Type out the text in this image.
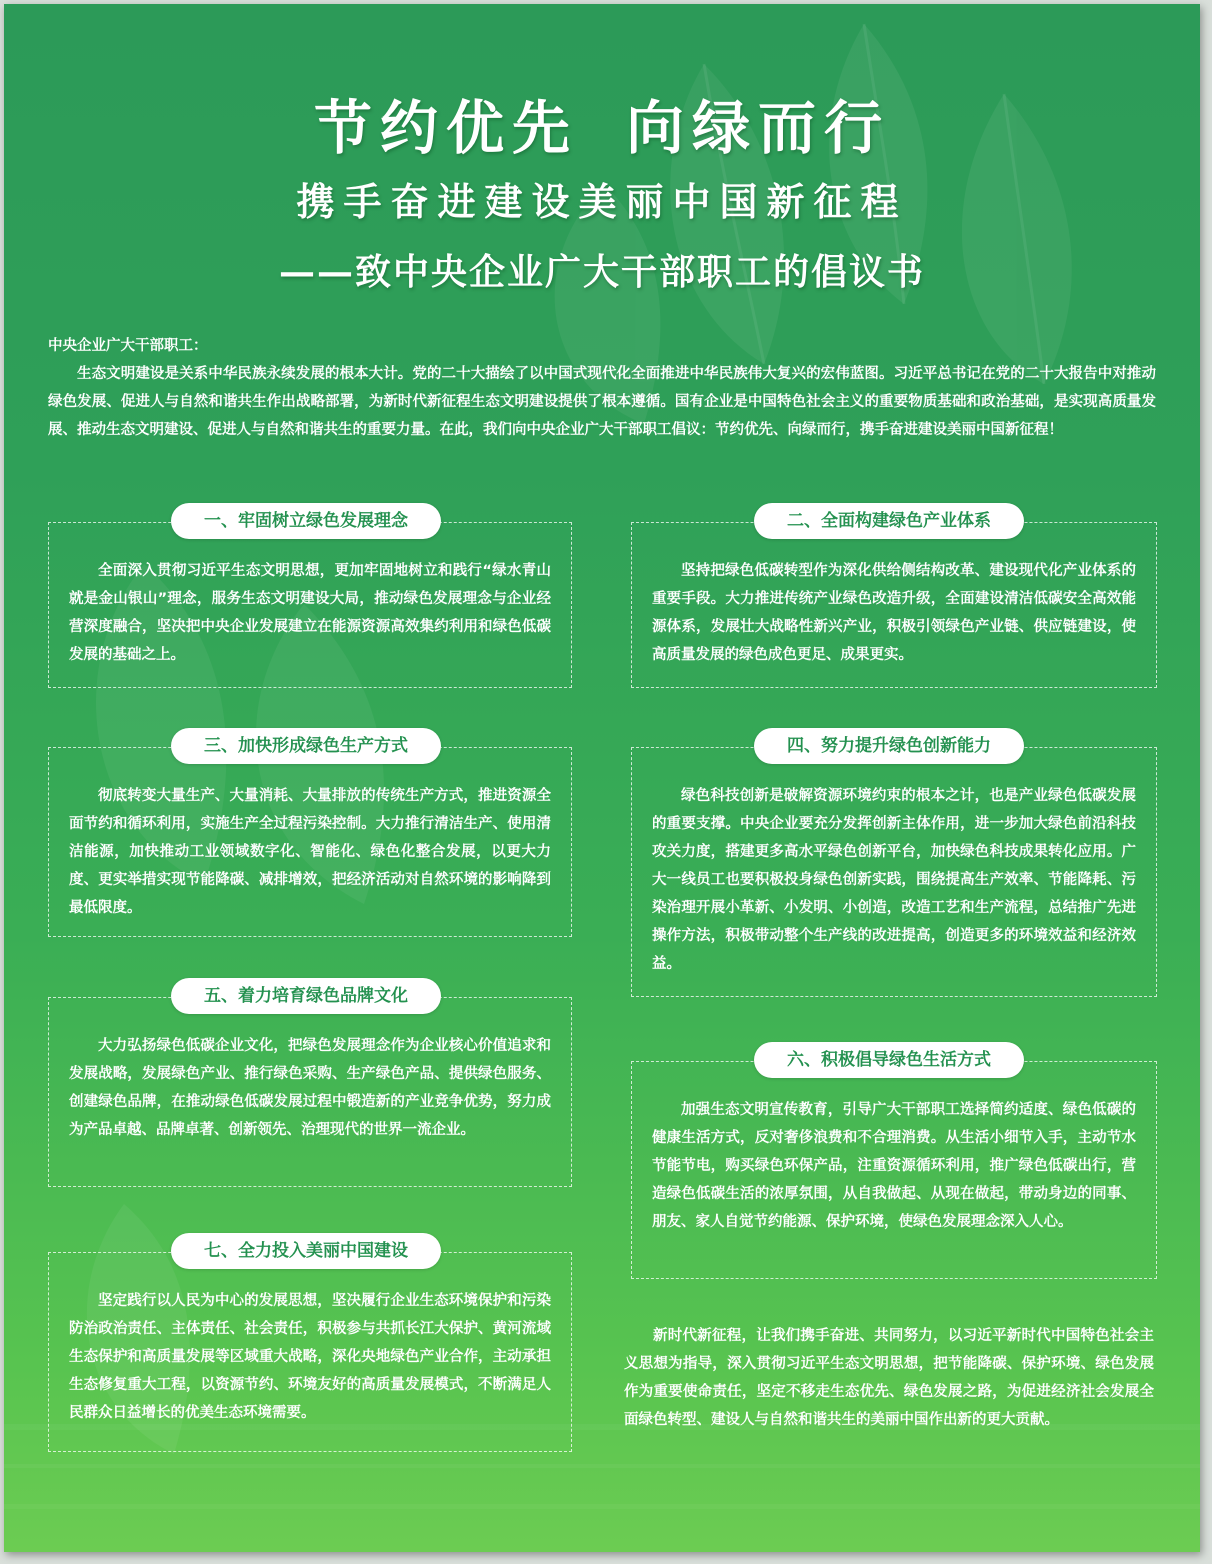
节约优先 向绿而行
携手奋进建设美丽中国新征程
——致中央企业广大干部职工的倡议书
中央企业广大干部职工：

生态文明建设是关系中华民族永续发展的根本大计。党的二十大描绘了以中国式现代化全面推进中华民族伟大复兴的宏伟蓝图。习近平总书记在党的二十大报告中对推动绿色发展、促进人与自然和谐共生作出战略部署，为新时代新征程生态文明建设提供了根本遵循。国有企业是中国特色社会主义的重要物质基础和政治基础，是实现高质量发展、推动生态文明建设、促进人与自然和谐共生的重要力量。在此，我们向中央企业广大干部职工倡议：节约优先、向绿而行，携手奋进建设美丽中国新征程！

一、牢固树立绿色发展理念

全面深入贯彻习近平生态文明思想，更加牢固地树立和践行“绿水青山就是金山银山”理念，服务生态文明建设大局，推动绿色发展理念与企业经营深度融合，坚决把中央企业发展建立在能源资源高效集约利用和绿色低碳发展的基础之上。

二、全面构建绿色产业体系

坚持把绿色低碳转型作为深化供给侧结构改革、建设现代化产业体系的重要手段。大力推进传统产业绿色改造升级，全面建设清洁低碳安全高效能源体系，发展壮大战略性新兴产业，积极引领绿色产业链、供应链建设，使高质量发展的绿色成色更足、成果更实。

三、加快形成绿色生产方式

彻底转变大量生产、大量消耗、大量排放的传统生产方式，推进资源全面节约和循环利用，实施生产全过程污染控制。大力推行清洁生产、使用清洁能源，加快推动工业领域数字化、智能化、绿色化整合发展，以更大力度、更实举措实现节能降碳、减排增效，把经济活动对自然环境的影响降到最低限度。

四、努力提升绿色创新能力

绿色科技创新是破解资源环境约束的根本之计，也是产业绿色低碳发展的重要支撑。中央企业要充分发挥创新主体作用，进一步加大绿色前沿科技攻关力度，搭建更多高水平绿色创新平台，加快绿色科技成果转化应用。广大一线员工也要积极投身绿色创新实践，围绕提高生产效率、节能降耗、污染治理开展小革新、小发明、小创造，改造工艺和生产流程，总结推广先进操作方法，积极带动整个生产线的改进提高，创造更多的环境效益和经济效益。

五、着力培育绿色品牌文化

大力弘扬绿色低碳企业文化，把绿色发展理念作为企业核心价值追求和发展战略，发展绿色产业、推行绿色采购、生产绿色产品、提供绿色服务、创建绿色品牌，在推动绿色低碳发展过程中锻造新的产业竞争优势，努力成为产品卓越、品牌卓著、创新领先、治理现代的世界一流企业。

六、积极倡导绿色生活方式

加强生态文明宣传教育，引导广大干部职工选择简约适度、绿色低碳的健康生活方式，反对奢侈浪费和不合理消费。从生活小细节入手，主动节水节能节电，购买绿色环保产品，注重资源循环利用，推广绿色低碳出行，营造绿色低碳生活的浓厚氛围，从自我做起、从现在做起，带动身边的同事、朋友、家人自觉节约能源、保护环境，使绿色发展理念深入人心。

七、全力投入美丽中国建设

坚定践行以人民为中心的发展思想，坚决履行企业生态环境保护和污染防治政治责任、主体责任、社会责任，积极参与共抓长江大保护、黄河流域生态保护和高质量发展等区域重大战略，深化央地绿色产业合作，主动承担生态修复重大工程，以资源节约、环境友好的高质量发展模式，不断满足人民群众日益增长的优美生态环境需要。

新时代新征程，让我们携手奋进、共同努力，以习近平新时代中国特色社会主义思想为指导，深入贯彻习近平生态文明思想，把节能降碳、保护环境、绿色发展作为重要使命责任，坚定不移走生态优先、绿色发展之路，为促进经济社会发展全面绿色转型、建设人与自然和谐共生的美丽中国作出新的更大贡献。
